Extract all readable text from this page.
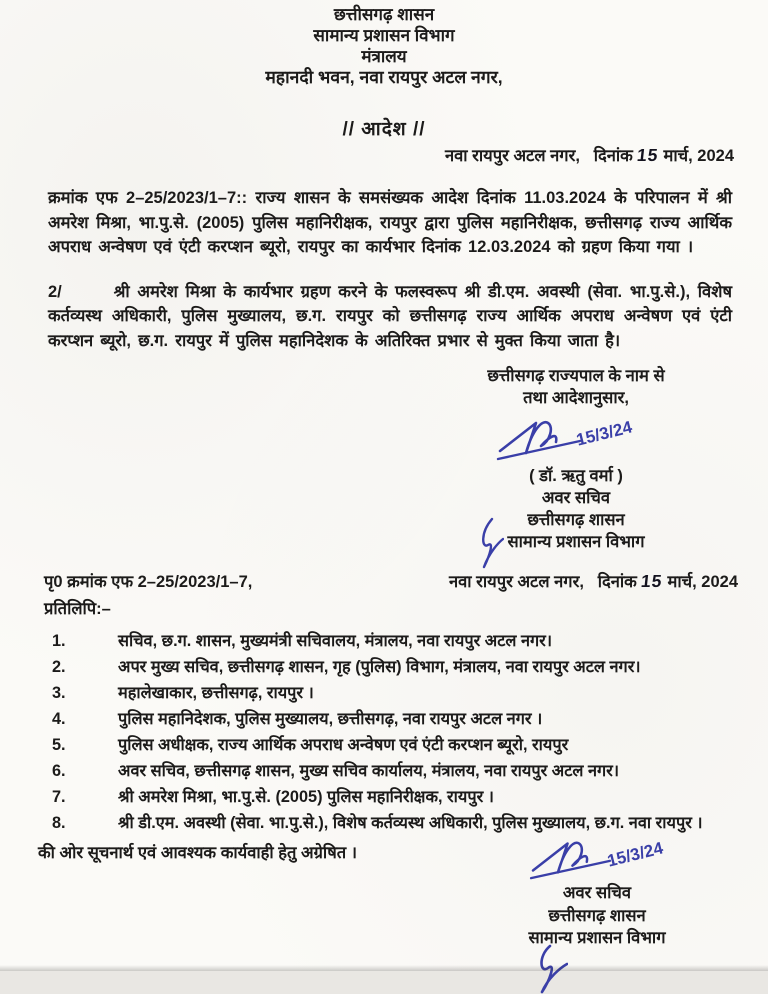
छत्तीसगढ़ शासन
सामान्य प्रशासन विभाग
मंत्रालय
महानदी भवन, नवा रायपुर अटल नगर,
// आदेश //
नवा रायपुर अटल नगर, दिनांक 15 मार्च, 2024

क्रमांक एफ 2–25/2023/1–7:: राज्य शासन के समसंख्यक आदेश दिनांक 11.03.2024 के परिपालन में श्री अमरेश मिश्रा, भा.पु.से. (2005) पुलिस महानिरीक्षक, रायपुर द्वारा पुलिस महानिरीक्षक, छत्तीसगढ़ राज्य आर्थिक अपराध अन्वेषण एवं एंटी करप्शन ब्यूरो, रायपुर का कार्यभार दिनांक 12.03.2024 को ग्रहण किया गया ।

2/	श्री अमरेश मिश्रा के कार्यभार ग्रहण करने के फलस्वरूप श्री डी.एम. अवस्थी (सेवा. भा.पु.से.), विशेष कर्तव्यस्थ अधिकारी, पुलिस मुख्यालय, छ.ग. रायपुर को छत्तीसगढ़ राज्य आर्थिक अपराध अन्वेषण एवं एंटी करप्शन ब्यूरो, छ.ग. रायपुर में पुलिस महानिदेशक के अतिरिक्त प्रभार से मुक्त किया जाता है।

छत्तीसगढ़ राज्यपाल के नाम से
तथा आदेशानुसार,
15/3/24
( डॉ. ऋतु वर्मा )
अवर सचिव
छत्तीसगढ़ शासन
सामान्य प्रशासन विभाग
पृ0 क्रमांक एफ 2–25/2023/1–7,	नवा रायपुर अटल नगर, दिनांक 15 मार्च, 2024
प्रतिलिपि:–
1.	सचिव, छ.ग. शासन, मुख्यमंत्री सचिवालय, मंत्रालय, नवा रायपुर अटल नगर।
2.	अपर मुख्य सचिव, छत्तीसगढ़ शासन, गृह (पुलिस) विभाग, मंत्रालय, नवा रायपुर अटल नगर।
3.	महालेखाकार, छत्तीसगढ़, रायपुर ।
4.	पुलिस महानिदेशक, पुलिस मुख्यालय, छत्तीसगढ़, नवा रायपुर अटल नगर ।
5.	पुलिस अधीक्षक, राज्य आर्थिक अपराध अन्वेषण एवं एंटी करप्शन ब्यूरो, रायपुर
6.	अवर सचिव, छत्तीसगढ़ शासन, मुख्य सचिव कार्यालय, मंत्रालय, नवा रायपुर अटल नगर।
7.	श्री अमरेश मिश्रा, भा.पु.से. (2005) पुलिस महानिरीक्षक, रायपुर ।
8.	श्री डी.एम. अवस्थी (सेवा. भा.पु.से.), विशेष कर्तव्यस्थ अधिकारी, पुलिस मुख्यालय, छ.ग. नवा रायपुर ।
की ओर सूचनार्थ एवं आवश्यक कार्यवाही हेतु अग्रेषित ।	15/3/24
अवर सचिव
छत्तीसगढ़ शासन
सामान्य प्रशासन विभाग
